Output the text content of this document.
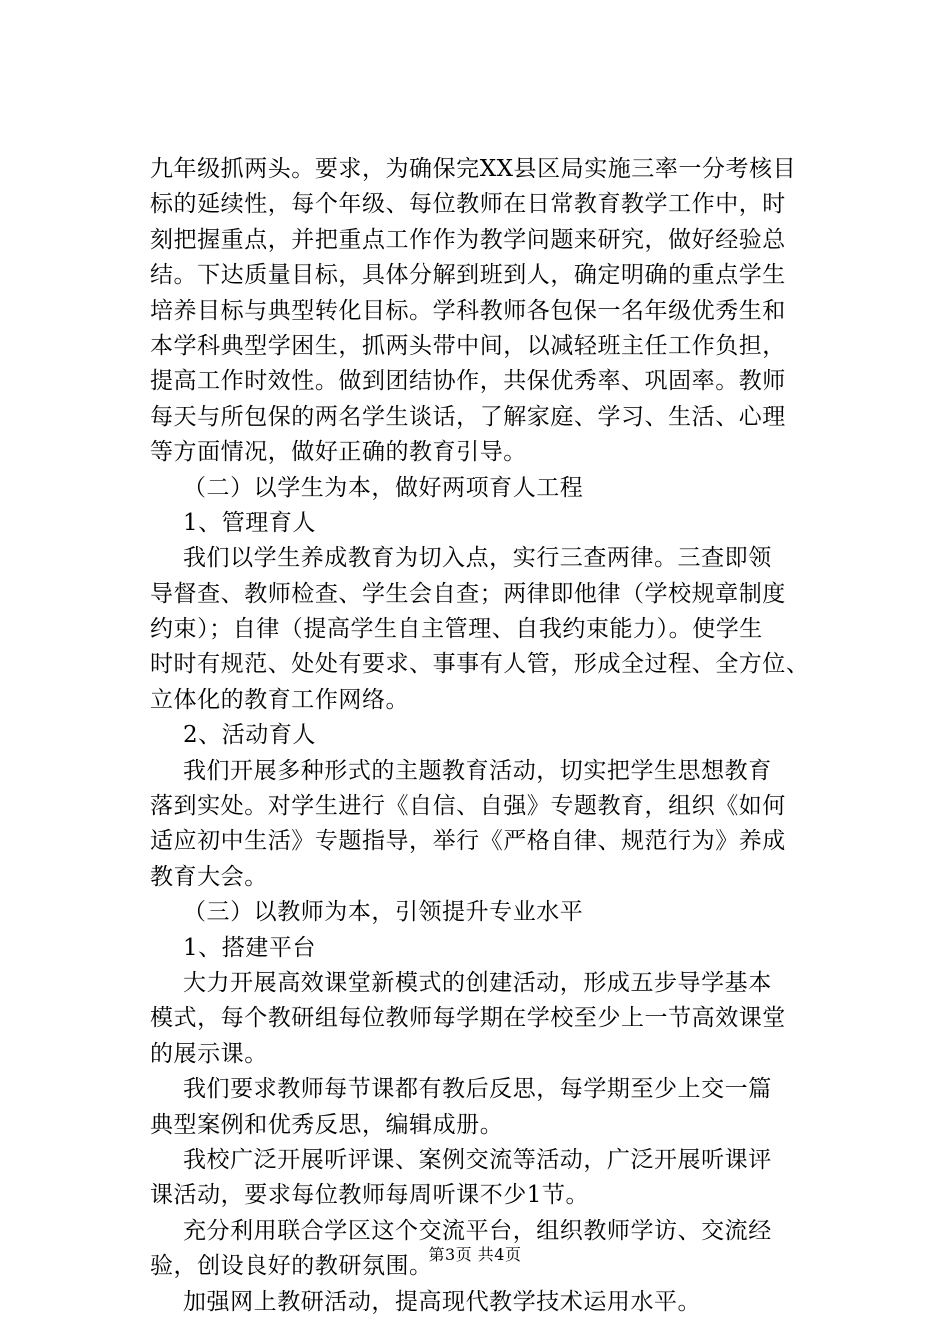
九年级抓两头。要求，为确保完XX县区局实施三率一分考核目
标的延续性，每个年级、每位教师在日常教育教学工作中，时
刻把握重点，并把重点工作作为教学问题来研究，做好经验总
结。下达质量目标，具体分解到班到人，确定明确的重点学生
培养目标与典型转化目标。学科教师各包保一名年级优秀生和
本学科典型学困生，抓两头带中间，以减轻班主任工作负担，
提高工作时效性。做到团结协作，共保优秀率、巩固率。教师
每天与所包保的两名学生谈话，了解家庭、学习、生活、心理
等方面情况，做好正确的教育引导。
（二）以学生为本，做好两项育人工程
1、管理育人
我们以学生养成教育为切入点，实行三查两律。三查即领
导督查、教师检查、学生会自查；两律即他律（学校规章制度
约束）；自律（提高学生自主管理、自我约束能力）。使学生
时时有规范、处处有要求、事事有人管，形成全过程、全方位、
立体化的教育工作网络。
2、活动育人
我们开展多种形式的主题教育活动，切实把学生思想教育
落到实处。对学生进行《自信、自强》专题教育，组织《如何
适应初中生活》专题指导，举行《严格自律、规范行为》养成
教育大会。
（三）以教师为本，引领提升专业水平
1、搭建平台
大力开展高效课堂新模式的创建活动，形成五步导学基本
模式，每个教研组每位教师每学期在学校至少上一节高效课堂
的展示课。
我们要求教师每节课都有教后反思，每学期至少上交一篇
典型案例和优秀反思，编辑成册。
我校广泛开展听评课、案例交流等活动，广泛开展听课评
课活动，要求每位教师每周听课不少1节。
充分利用联合学区这个交流平台，组织教师学访、交流经
验，创设良好的教研氛围。
加强网上教研活动，提高现代教学技术运用水平。
第3页 共4页
